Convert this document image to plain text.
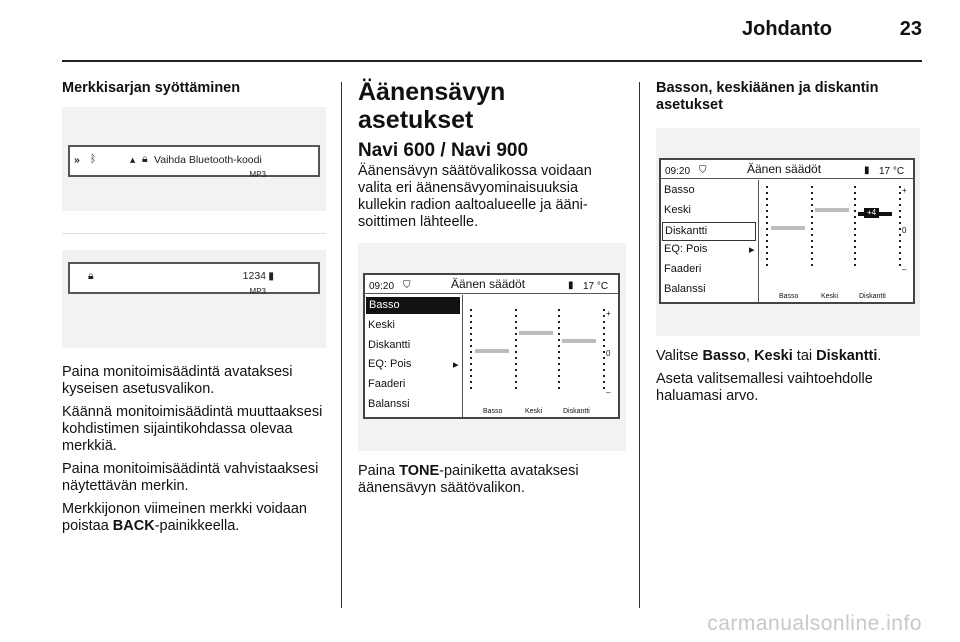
Johdanto	23
Merkkisarjan syöttäminen
» ᛒ	▴ 🔒︎ Vaihda Bluetooth-koodi
MP3
🔒︎	1234 ▮
MP3

Paina monitoimisäädintä avataksesi kyseisen asetusvalikon.

Käännä monitoimisäädintä muuttaaksesi kohdistimen sijaintikohdassa olevaa merkkiä.

Paina monitoimisäädintä vahvistaaksesi näytettävän merkin.

Merkkijonon viimeinen merkki voidaan poistaa BACK-painikkeella.

Äänensävyn asetukset
Navi 600 / Navi 900

Äänensävyn säätövalikossa voidaan valita eri äänensävyominaisuuksia kullekin radion aaltoalueelle ja äänisoittimen lähteelle.

09:20 ⛉	Äänen säädöt	▮ 17 °C
Basso
Keski
Diskantti
EQ: Pois	▸
Faaderi
Balanssi
+
0
–
Basso	Keski	Diskantti

Paina TONE-painiketta avataksesi äänensävyn säätövalikon.

Basson, keskiäänen ja diskantin asetukset
09:20 ⛉	Äänen säädöt	▮ 17 °C
Basso
Keski
Diskantti
EQ: Pois	▸
Faaderi
Balanssi
+4
+
0
–
Basso	Keski	Diskantti

Valitse Basso, Keski tai Diskantti.

Aseta valitsemallesi vaihtoehdolle haluamasi arvo.

carmanualsonline.info
